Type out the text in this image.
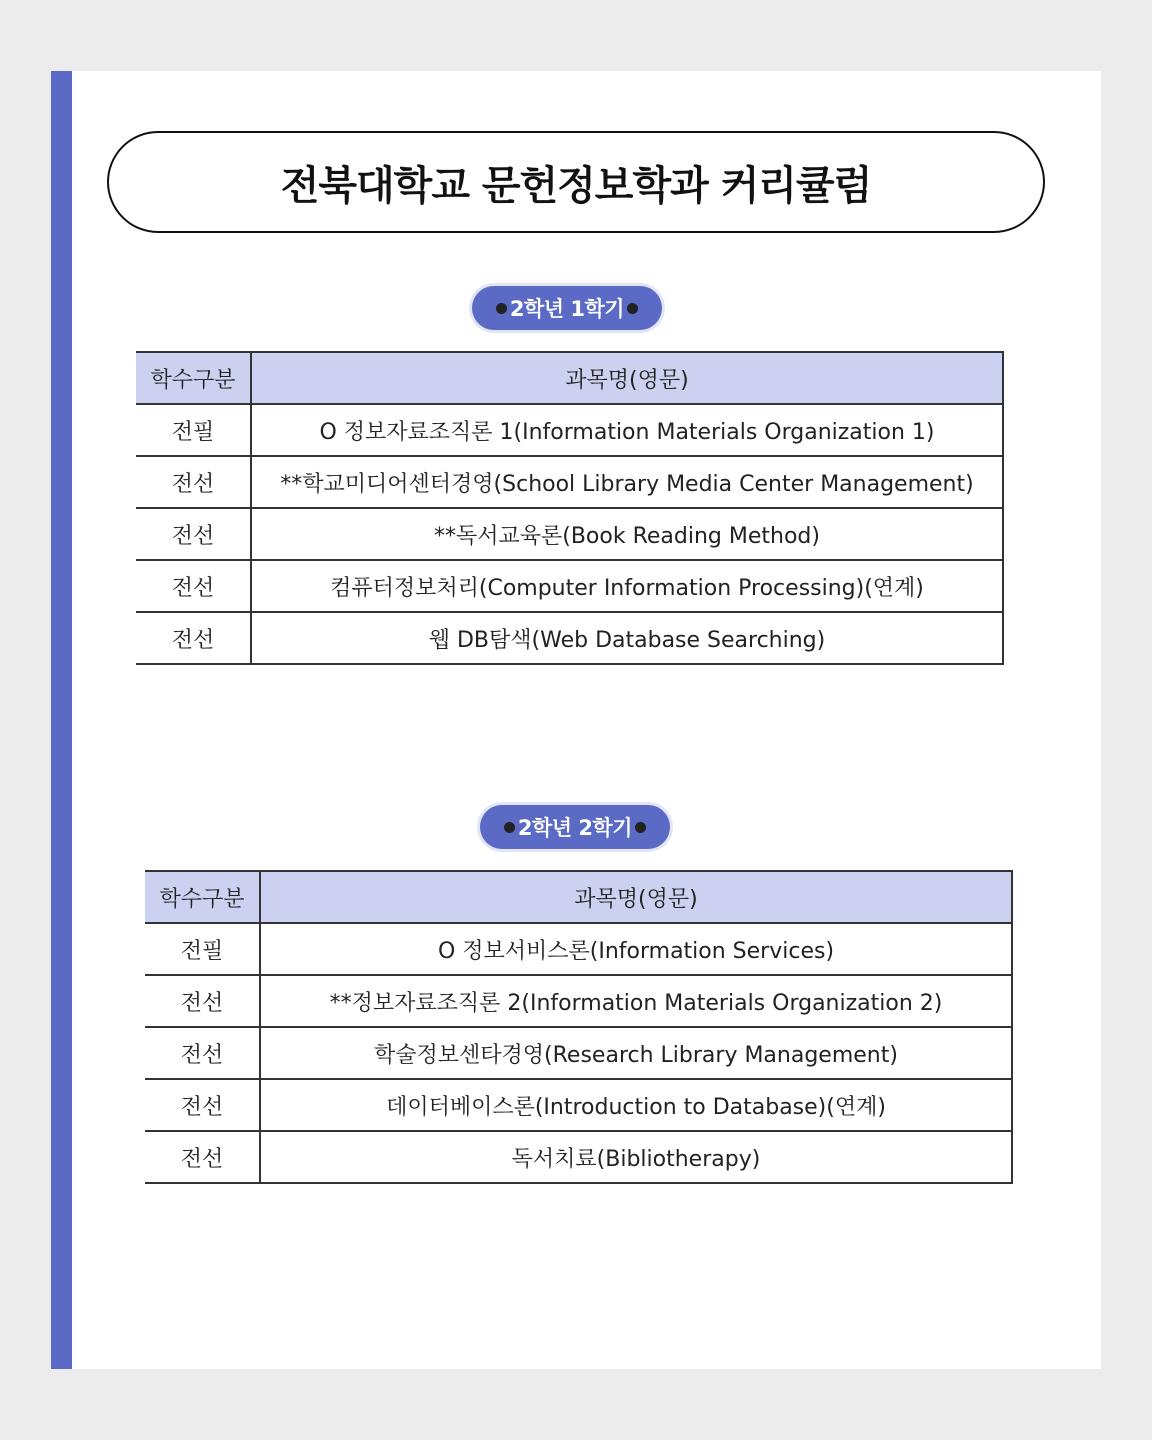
전북대학교 문헌정보학과 커리큘럼
2학년 1학기
학수구분	과목명(영문)
전필	O 정보자료조직론 1(Information Materials Organization 1)
전선	**학교미디어센터경영(School Library Media Center Management)
전선	**독서교육론(Book Reading Method)
전선	컴퓨터정보처리(Computer Information Processing)(연계)
전선	웹 DB탐색(Web Database Searching)
2학년 2학기
학수구분	과목명(영문)
전필	O 정보서비스론(Information Services)
전선	**정보자료조직론 2(Information Materials Organization 2)
전선	학술정보센타경영(Research Library Management)
전선	데이터베이스론(Introduction to Database)(연계)
전선	독서치료(Bibliotherapy)
